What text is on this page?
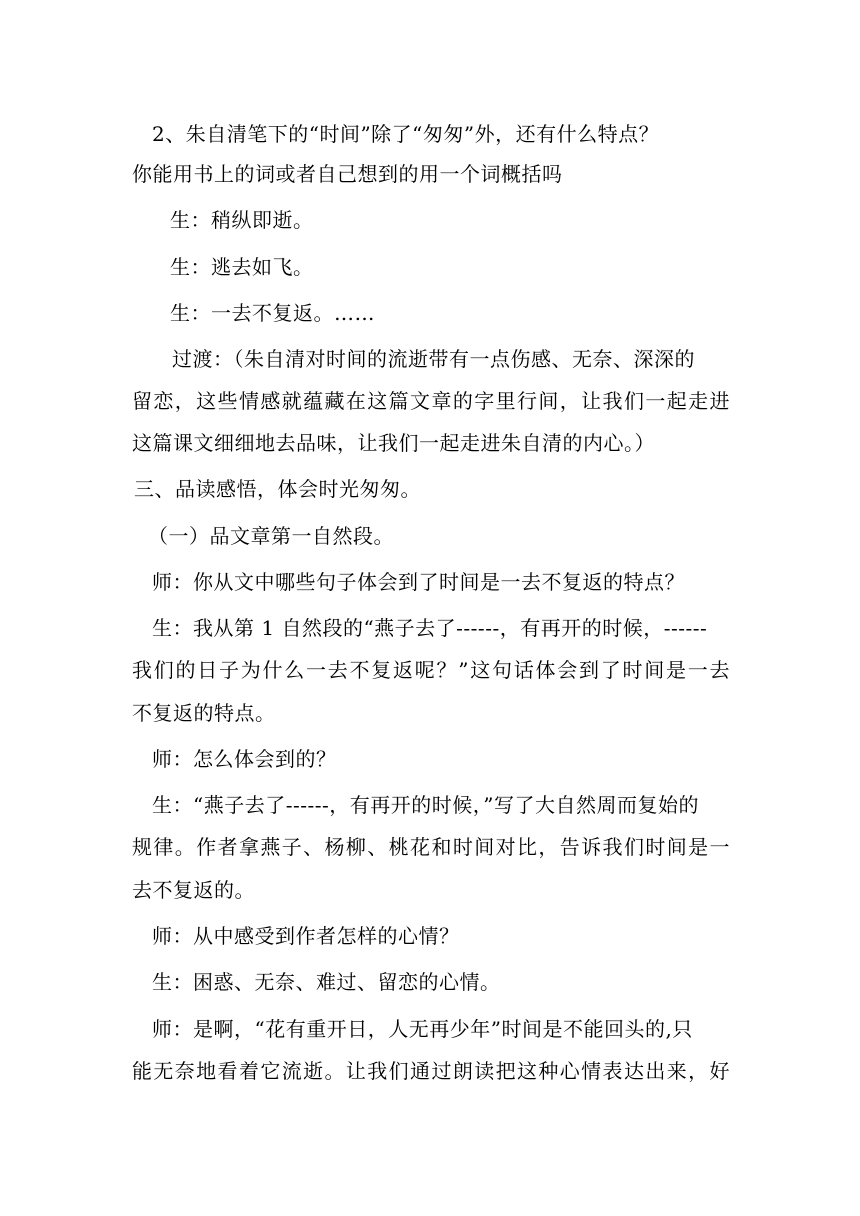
2、朱自清笔下的“时间”除了“匆匆”外，还有什么特点？
你能用书上的词或者自己想到的用一个词概括吗
生：稍纵即逝。
生：逃去如飞。
生：一去不复返。……
过渡：（朱自清对时间的流逝带有一点伤感、无奈、深深的
留恋，这些情感就蕴藏在这篇文章的字里行间，让我们一起走进
这篇课文细细地去品味，让我们一起走进朱自清的内心。）
三、品读感悟，体会时光匆匆。
（一）品文章第一自然段。
师：你从文中哪些句子体会到了时间是一去不复返的特点？
生：我从第 1 自然段的“燕子去了------，有再开的时候，------
我们的日子为什么一去不复返呢？”这句话体会到了时间是一去
不复返的特点。
师：怎么体会到的？
生：“燕子去了------，有再开的时候，”写了大自然周而复始的
规律。作者拿燕子、杨柳、桃花和时间对比，告诉我们时间是一
去不复返的。
师：从中感受到作者怎样的心情？
生：困惑、无奈、难过、留恋的心情。
师：是啊，“花有重开日，人无再少年”时间是不能回头的,只
能无奈地看着它流逝。让我们通过朗读把这种心情表达出来，好
